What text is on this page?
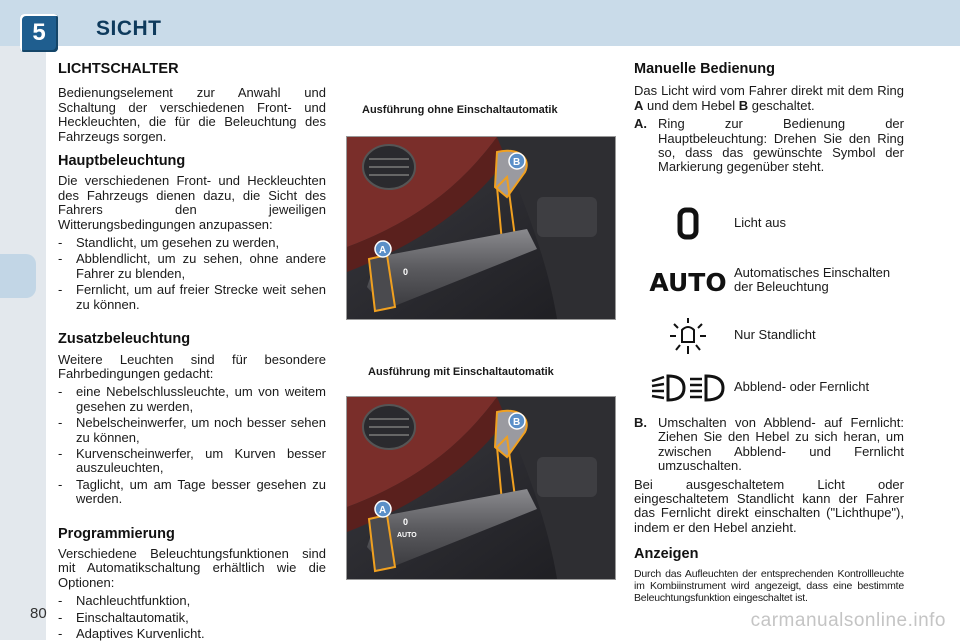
5	SICHT
80	carmanualsonline.info
LICHTSCHALTER

Bedienungselement zur Anwahl und Schaltung der verschiedenen Front- und Heckleuchten, die für die Beleuchtung des Fahrzeugs sorgen.

Hauptbeleuchtung

Die verschiedenen Front- und Heckleuchten des Fahrzeugs dienen dazu, die Sicht des Fahrers den jeweiligen Witterungsbedingungen anzupassen:

- Standlicht, um gesehen zu werden,
- Abblendlicht, um zu sehen, ohne andere Fahrer zu blenden,
- Fernlicht, um auf freier Strecke weit sehen zu können.
Zusatzbeleuchtung

Weitere Leuchten sind für besondere Fahrbedingungen gedacht:

- eine Nebelschlussleuchte, um von weitem gesehen zu werden,
- Nebelscheinwerfer, um noch besser sehen zu können,
- Kurvenscheinwerfer, um Kurven besser auszuleuchten,
- Taglicht, um am Tage besser gesehen zu werden.
Programmierung

Verschiedene Beleuchtungsfunktionen sind mit Automatikschaltung erhältlich wie die Optionen:

- Nachleuchtfunktion,
- Einschaltautomatik,
- Adaptives Kurvenlicht.
Ausführung ohne Einschaltautomatik
0
A
B
Ausführung mit Einschaltautomatik
0
AUTO
A
B
Manuelle Bedienung

Das Licht wird vom Fahrer direkt mit dem Ring A und dem Hebel B geschaltet.

A. Ring zur Bedienung der Hauptbeleuchtung: Drehen Sie den Ring so, dass das gewünschte Symbol der Markierung gegenüber steht.
Licht aus
AUTO Automatisches Einschalten der Beleuchtung
Nur Standlicht
Abblend- oder Fernlicht
B. Umschalten von Abblend- auf Fernlicht: Ziehen Sie den Hebel zu sich heran, um zwischen Abblend- und Fernlicht umzuschalten.

Bei ausgeschaltetem Licht oder eingeschaltetem Standlicht kann der Fahrer das Fernlicht direkt einschalten ("Lichthupe"), indem er den Hebel anzieht.

Anzeigen

Durch das Aufleuchten der entsprechenden Kontrollleuchte im Kombiinstrument wird angezeigt, dass eine bestimmte Beleuchtungsfunktion eingeschaltet ist.
